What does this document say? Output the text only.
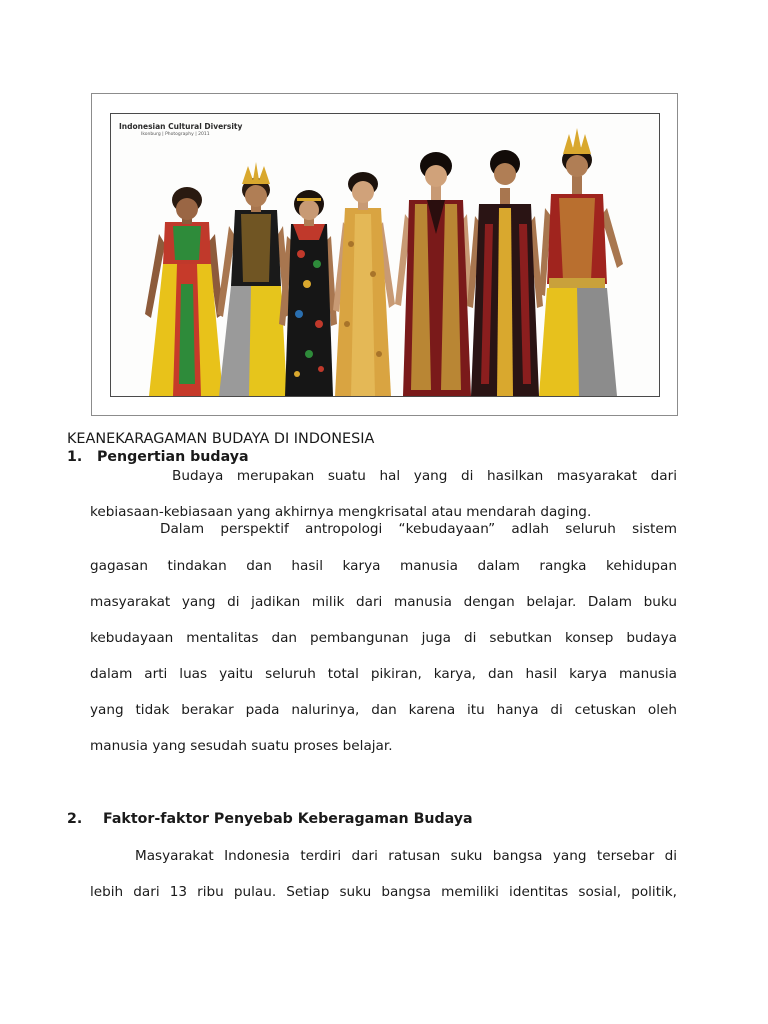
Indonesian Cultural Diversity
Ikonburg | Photography | 2011
KEANEKARAGAMAN BUDAYA DI INDONESIA
1. Pengertian budaya
Budaya merupakan suatu hal yang di hasilkan masyarakat dari
kebiasaan-kebiasaan yang akhirnya mengkrisatal atau mendarah daging.
Dalam perspektif antropologi “kebudayaan” adlah seluruh sistem
gagasan tindakan dan hasil karya manusia dalam rangka kehidupan
masyarakat yang di jadikan milik dari manusia dengan belajar. Dalam buku
kebudayaan mentalitas dan pembangunan juga di sebutkan konsep budaya
dalam arti luas yaitu seluruh total pikiran, karya, dan hasil karya manusia
yang tidak berakar pada nalurinya, dan karena itu hanya di cetuskan oleh
manusia yang sesudah suatu proses belajar.
2. Faktor-faktor Penyebab Keberagaman Budaya
Masyarakat Indonesia terdiri dari ratusan suku bangsa yang tersebar di
lebih dari 13 ribu pulau. Setiap suku bangsa memiliki identitas sosial, politik,
